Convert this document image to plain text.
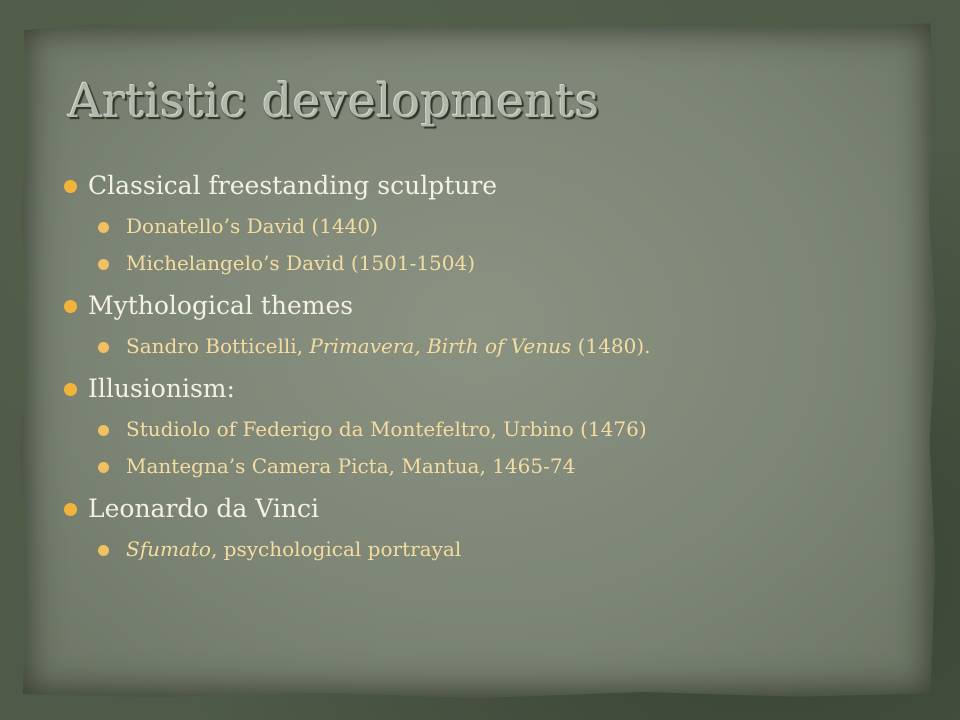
Artistic developments
Classical freestanding sculpture
Donatello’s David (1440)
Michelangelo’s David (1501-1504)
Mythological themes
Sandro Botticelli, Primavera, Birth of Venus (1480).
Illusionism:
Studiolo of Federigo da Montefeltro, Urbino (1476)
Mantegna’s Camera Picta, Mantua, 1465-74
Leonardo da Vinci
Sfumato, psychological portrayal
